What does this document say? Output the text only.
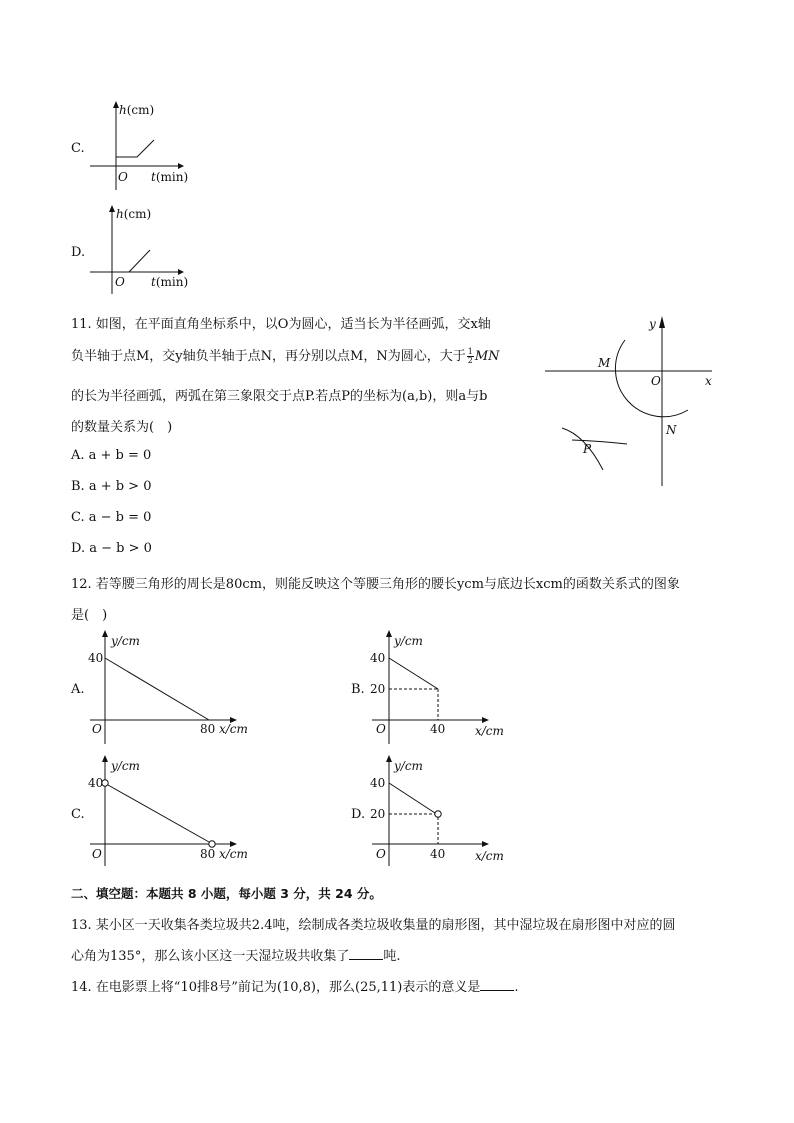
C.
h(cm)
O t(min)
D.
h(cm)
O t(min)
11. 如图，在平面直角坐标系中，以O为圆心，适当长为半径画弧，交x轴
负半轴于点M，交y轴负半轴于点N，再分别以点M，N为圆心，大于 $\frac{1}{2}$ MN
的长为半径画弧，两弧在第三象限交于点P.若点P的坐标为(a,b)，则a与b
的数量关系为(　)
A. a + b = 0
B. a + b > 0
C. a − b = 0
D. a − b > 0
y
x
M
O
N
P
12. 若等腰三角形的周长是80cm，则能反映这个等腰三角形的腰长ycm与底边长xcm的函数关系式的图象
是(　)
A.
y/cm
40
O	80 x/cm
B.
y/cm
40
20
O	40 x/cm
C.
y/cm
40
O	80 x/cm
D.
y/cm
40
20
O	40 x/cm
二、填空题：本题共 8 小题，每小题 3 分，共 24 分。
13. 某小区一天收集各类垃圾共2.4吨，绘制成各类垃圾收集量的扇形图，其中湿垃圾在扇形图中对应的圆
心角为135°，那么该小区这一天湿垃圾共收集了	吨.
14. 在电影票上将“10排8号”前记为(10,8)，那么(25,11)表示的意义是	.
